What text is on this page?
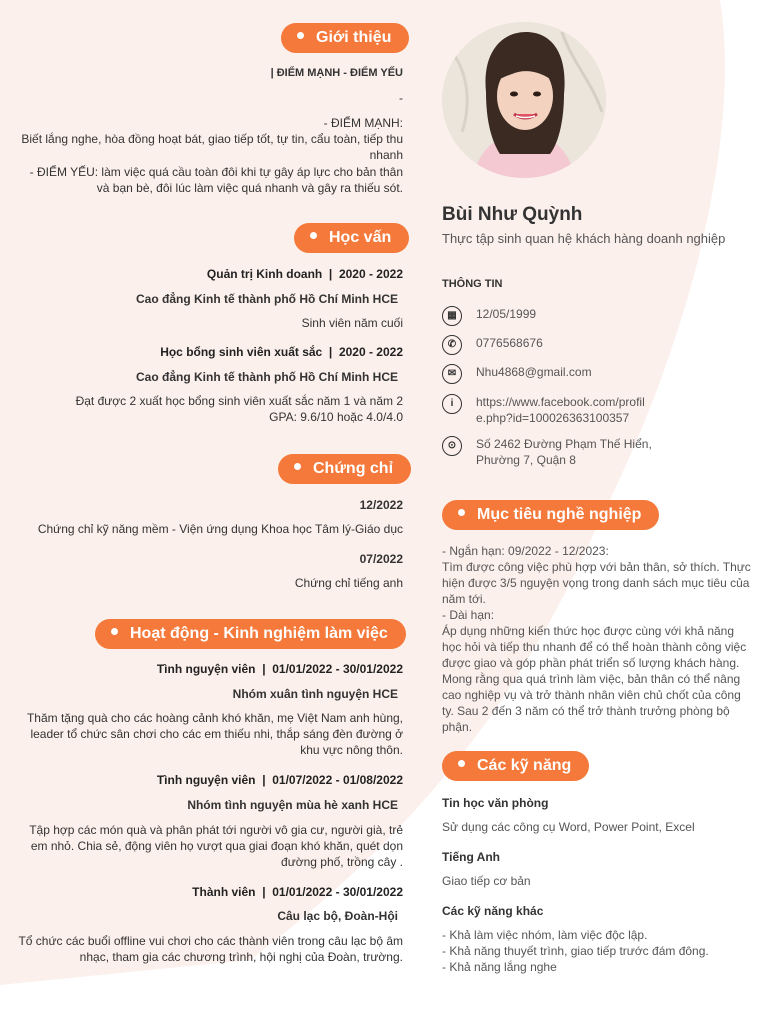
Giới thiệu
| ĐIỂM MẠNH - ĐIỂM YẾU
-
- ĐIỂM MẠNH:
Biết lắng nghe, hòa đồng hoạt bát, giao tiếp tốt, tự tin, cẩu toàn, tiếp thu nhanh
- ĐIỂM YẾU: làm việc quá cầu toàn đôi khi tự gây áp lực cho bản thân và bạn bè, đôi lúc làm việc quá nhanh và gây ra thiếu sót.
Học vấn
Quản trị Kinh doanh | 2020 - 2022
Cao đẳng Kinh tế thành phố Hồ Chí Minh HCE
Sinh viên năm cuối
Học bổng sinh viên xuất sắc | 2020 - 2022
Cao đẳng Kinh tế thành phố Hồ Chí Minh HCE
Đạt được 2 xuất học bổng sinh viên xuất sắc năm 1 và năm 2
GPA: 9.6/10 hoặc 4.0/4.0
Chứng chỉ
12/2022
Chứng chỉ kỹ năng mềm - Viện ứng dụng Khoa học Tâm lý-Giáo dục
07/2022
Chứng chỉ tiếng anh
Hoạt động - Kinh nghiệm làm việc
Tình nguyện viên | 01/01/2022 - 30/01/2022
Nhóm xuân tình nguyện HCE
Thăm tặng quà cho các hoàng cảnh khó khăn, mẹ Việt Nam anh hùng, leader tổ chức sân chơi cho các em thiếu nhi, thắp sáng đèn đường ở khu vực nông thôn.
Tình nguyện viên | 01/07/2022 - 01/08/2022
Nhóm tình nguyện mùa hè xanh HCE
Tập hợp các món quà và phân phát tới người vô gia cư, người già, trẻ em nhỏ. Chia sẻ, động viên họ vượt qua giai đoạn khó khăn, quét dọn đường phố, trồng cây .
Thành viên | 01/01/2022 - 30/01/2022
Câu lạc bộ, Đoàn-Hội
Tổ chức các buổi offline vui chơi cho các thành viên trong câu lạc bộ âm nhạc, tham gia các chương trình, hội nghị của Đoàn, trường.
Bùi Như Quỳnh
Thực tập sinh quan hệ khách hàng doanh nghiệp
THÔNG TIN
▦	12/05/1999
✆	0776568676
✉	Nhu4868@gmail.com
i	https://www.facebook.com/profile.php?id=100026363100357
⊙	Số 2462 Đường Phạm Thế Hiển, Phường 7, Quận 8
Mục tiêu nghề nghiệp
- Ngắn hạn: 09/2022 - 12/2023:
Tìm được công việc phù hợp với bản thân, sở thích. Thực hiện được 3/5 nguyện vọng trong danh sách mục tiêu của năm tới.
- Dài hạn:
Áp dụng những kiến thức học được cùng với khả năng học hỏi và tiếp thu nhanh để có thể hoàn thành công việc được giao và góp phần phát triển số lượng khách hàng. Mong rằng qua quá trình làm việc, bản thân có thể nâng cao nghiệp vụ và trở thành nhân viên chủ chốt của công ty. Sau 2 đến 3 năm có thể trở thành trưởng phòng bộ phận.
Các kỹ năng
Tin học văn phòng
Sử dụng các công cụ Word, Power Point, Excel
Tiếng Anh
Giao tiếp cơ bản
Các kỹ năng khác
- Khả làm việc nhóm, làm việc độc lập.
- Khả năng thuyết trình, giao tiếp trước đám đông.
- Khả năng lắng nghe
